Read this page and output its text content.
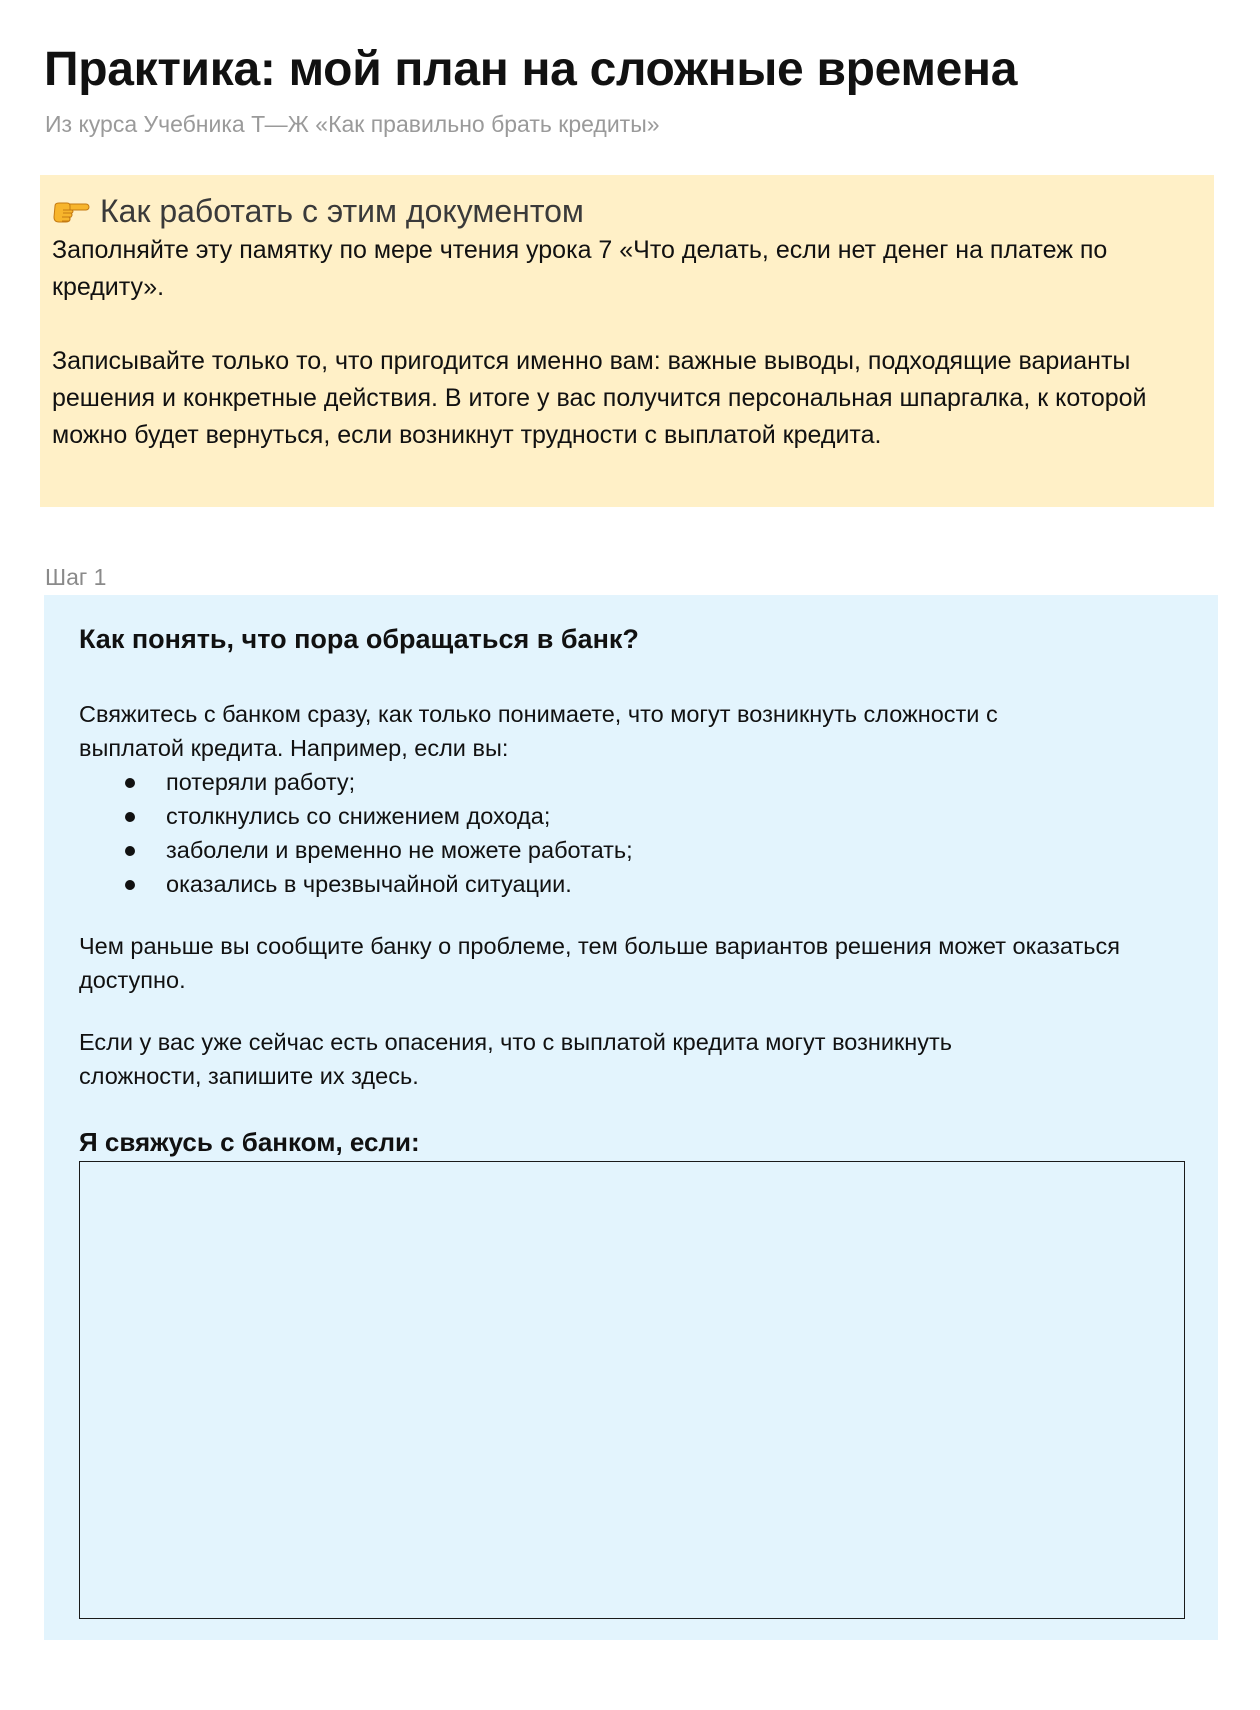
Практика: мой план на сложные времена
Из курса Учебника Т—Ж «Как правильно брать кредиты»
Как работать с этим документом

Заполняйте эту памятку по мере чтения урока 7 «Что делать, если нет денег на платеж по кредиту».

Записывайте только то, что пригодится именно вам: важные выводы, подходящие варианты решения и конкретные действия. В итоге у вас получится персональная шпаргалка, к которой можно будет вернуться, если возникнут трудности с выплатой кредита.

Шаг 1
Как понять, что пора обращаться в банк?

Свяжитесь с банком сразу, как только понимаете, что могут возникнуть сложности с выплатой кредита. Например, если вы:

потеряли работу;
столкнулись со снижением дохода;
заболели и временно не можете работать;
оказались в чрезвычайной ситуации.

Чем раньше вы сообщите банку о проблеме, тем больше вариантов решения может оказаться доступно.

Если у вас уже сейчас есть опасения, что с выплатой кредита могут возникнуть сложности, запишите их здесь.

Я свяжусь с банком, если:
